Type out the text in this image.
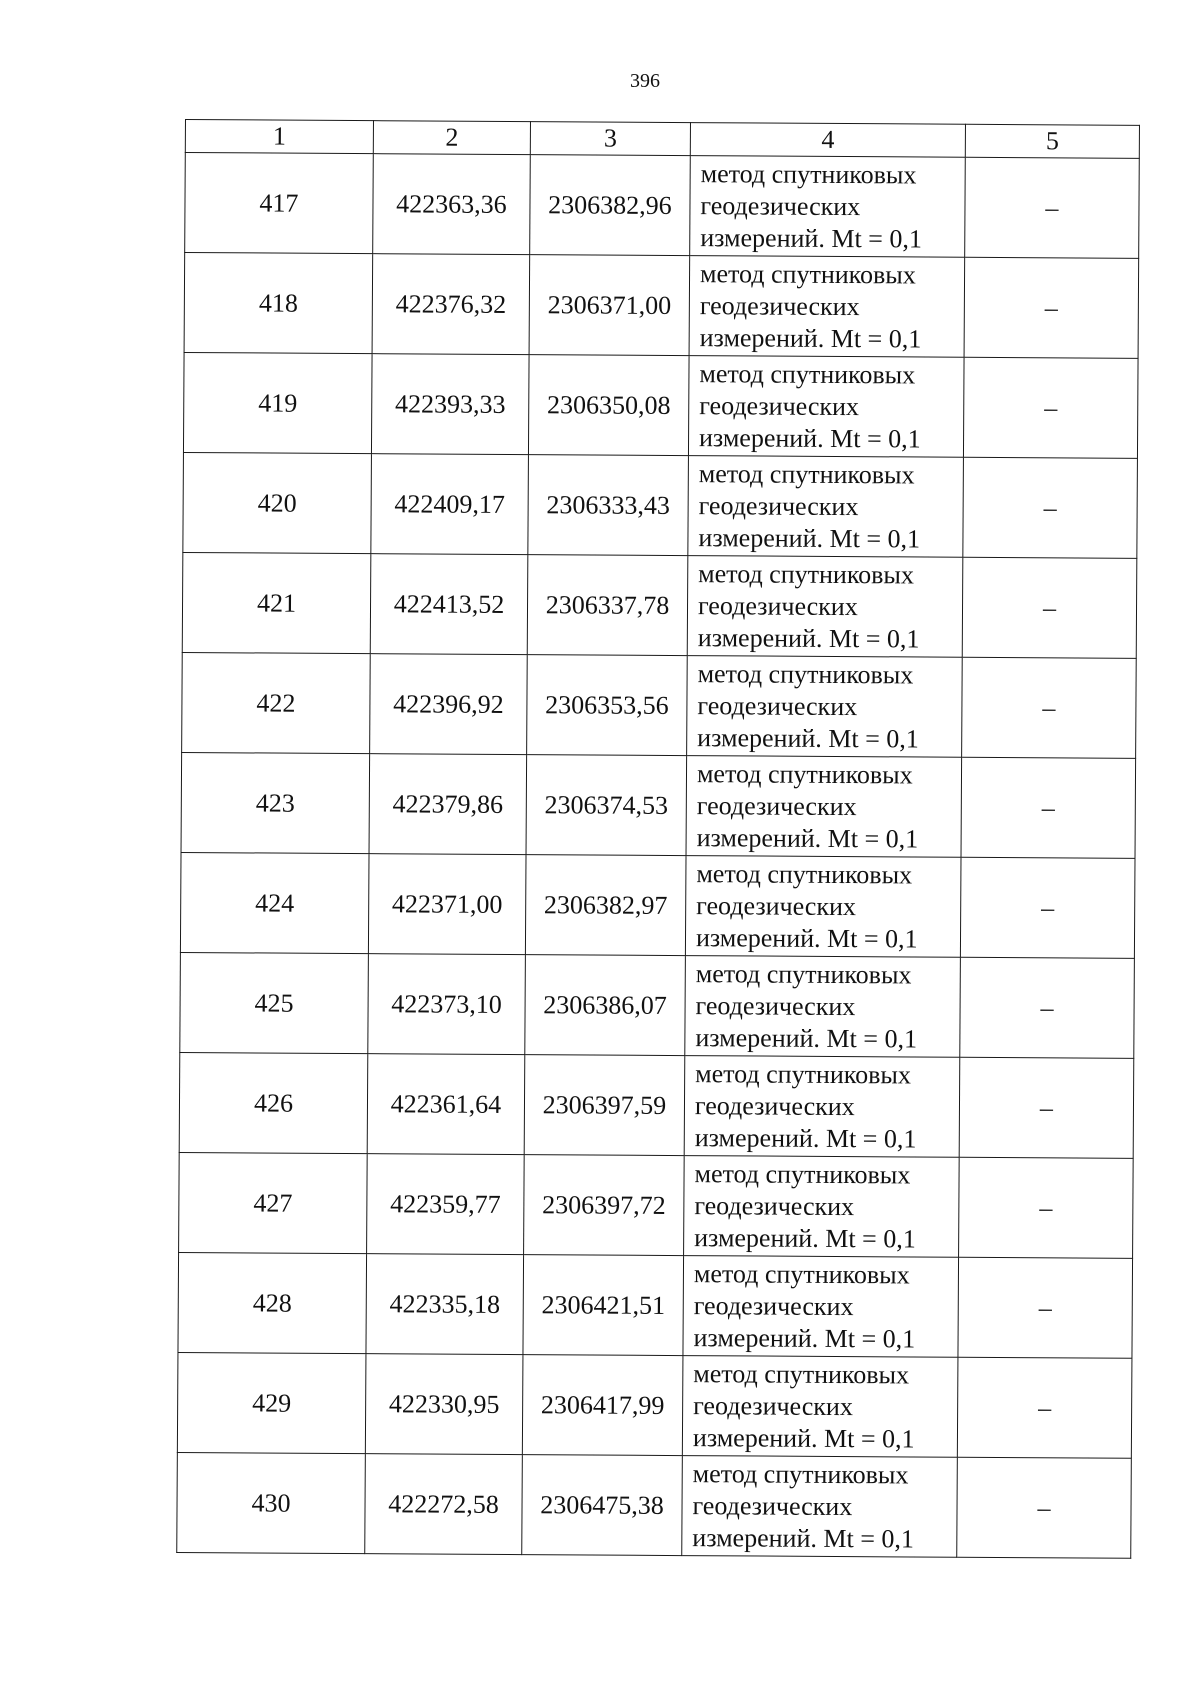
396
1	2	3	4	5
417	422363,36	2306382,96	метод спутниковых
геодезических
измерений. Mt = 0,1	–
418	422376,32	2306371,00	метод спутниковых
геодезических
измерений. Mt = 0,1	–
419	422393,33	2306350,08	метод спутниковых
геодезических
измерений. Mt = 0,1	–
420	422409,17	2306333,43	метод спутниковых
геодезических
измерений. Mt = 0,1	–
421	422413,52	2306337,78	метод спутниковых
геодезических
измерений. Mt = 0,1	–
422	422396,92	2306353,56	метод спутниковых
геодезических
измерений. Mt = 0,1	–
423	422379,86	2306374,53	метод спутниковых
геодезических
измерений. Mt = 0,1	–
424	422371,00	2306382,97	метод спутниковых
геодезических
измерений. Mt = 0,1	–
425	422373,10	2306386,07	метод спутниковых
геодезических
измерений. Mt = 0,1	–
426	422361,64	2306397,59	метод спутниковых
геодезических
измерений. Mt = 0,1	–
427	422359,77	2306397,72	метод спутниковых
геодезических
измерений. Mt = 0,1	–
428	422335,18	2306421,51	метод спутниковых
геодезических
измерений. Mt = 0,1	–
429	422330,95	2306417,99	метод спутниковых
геодезических
измерений. Mt = 0,1	–
430	422272,58	2306475,38	метод спутниковых
геодезических
измерений. Mt = 0,1	–
